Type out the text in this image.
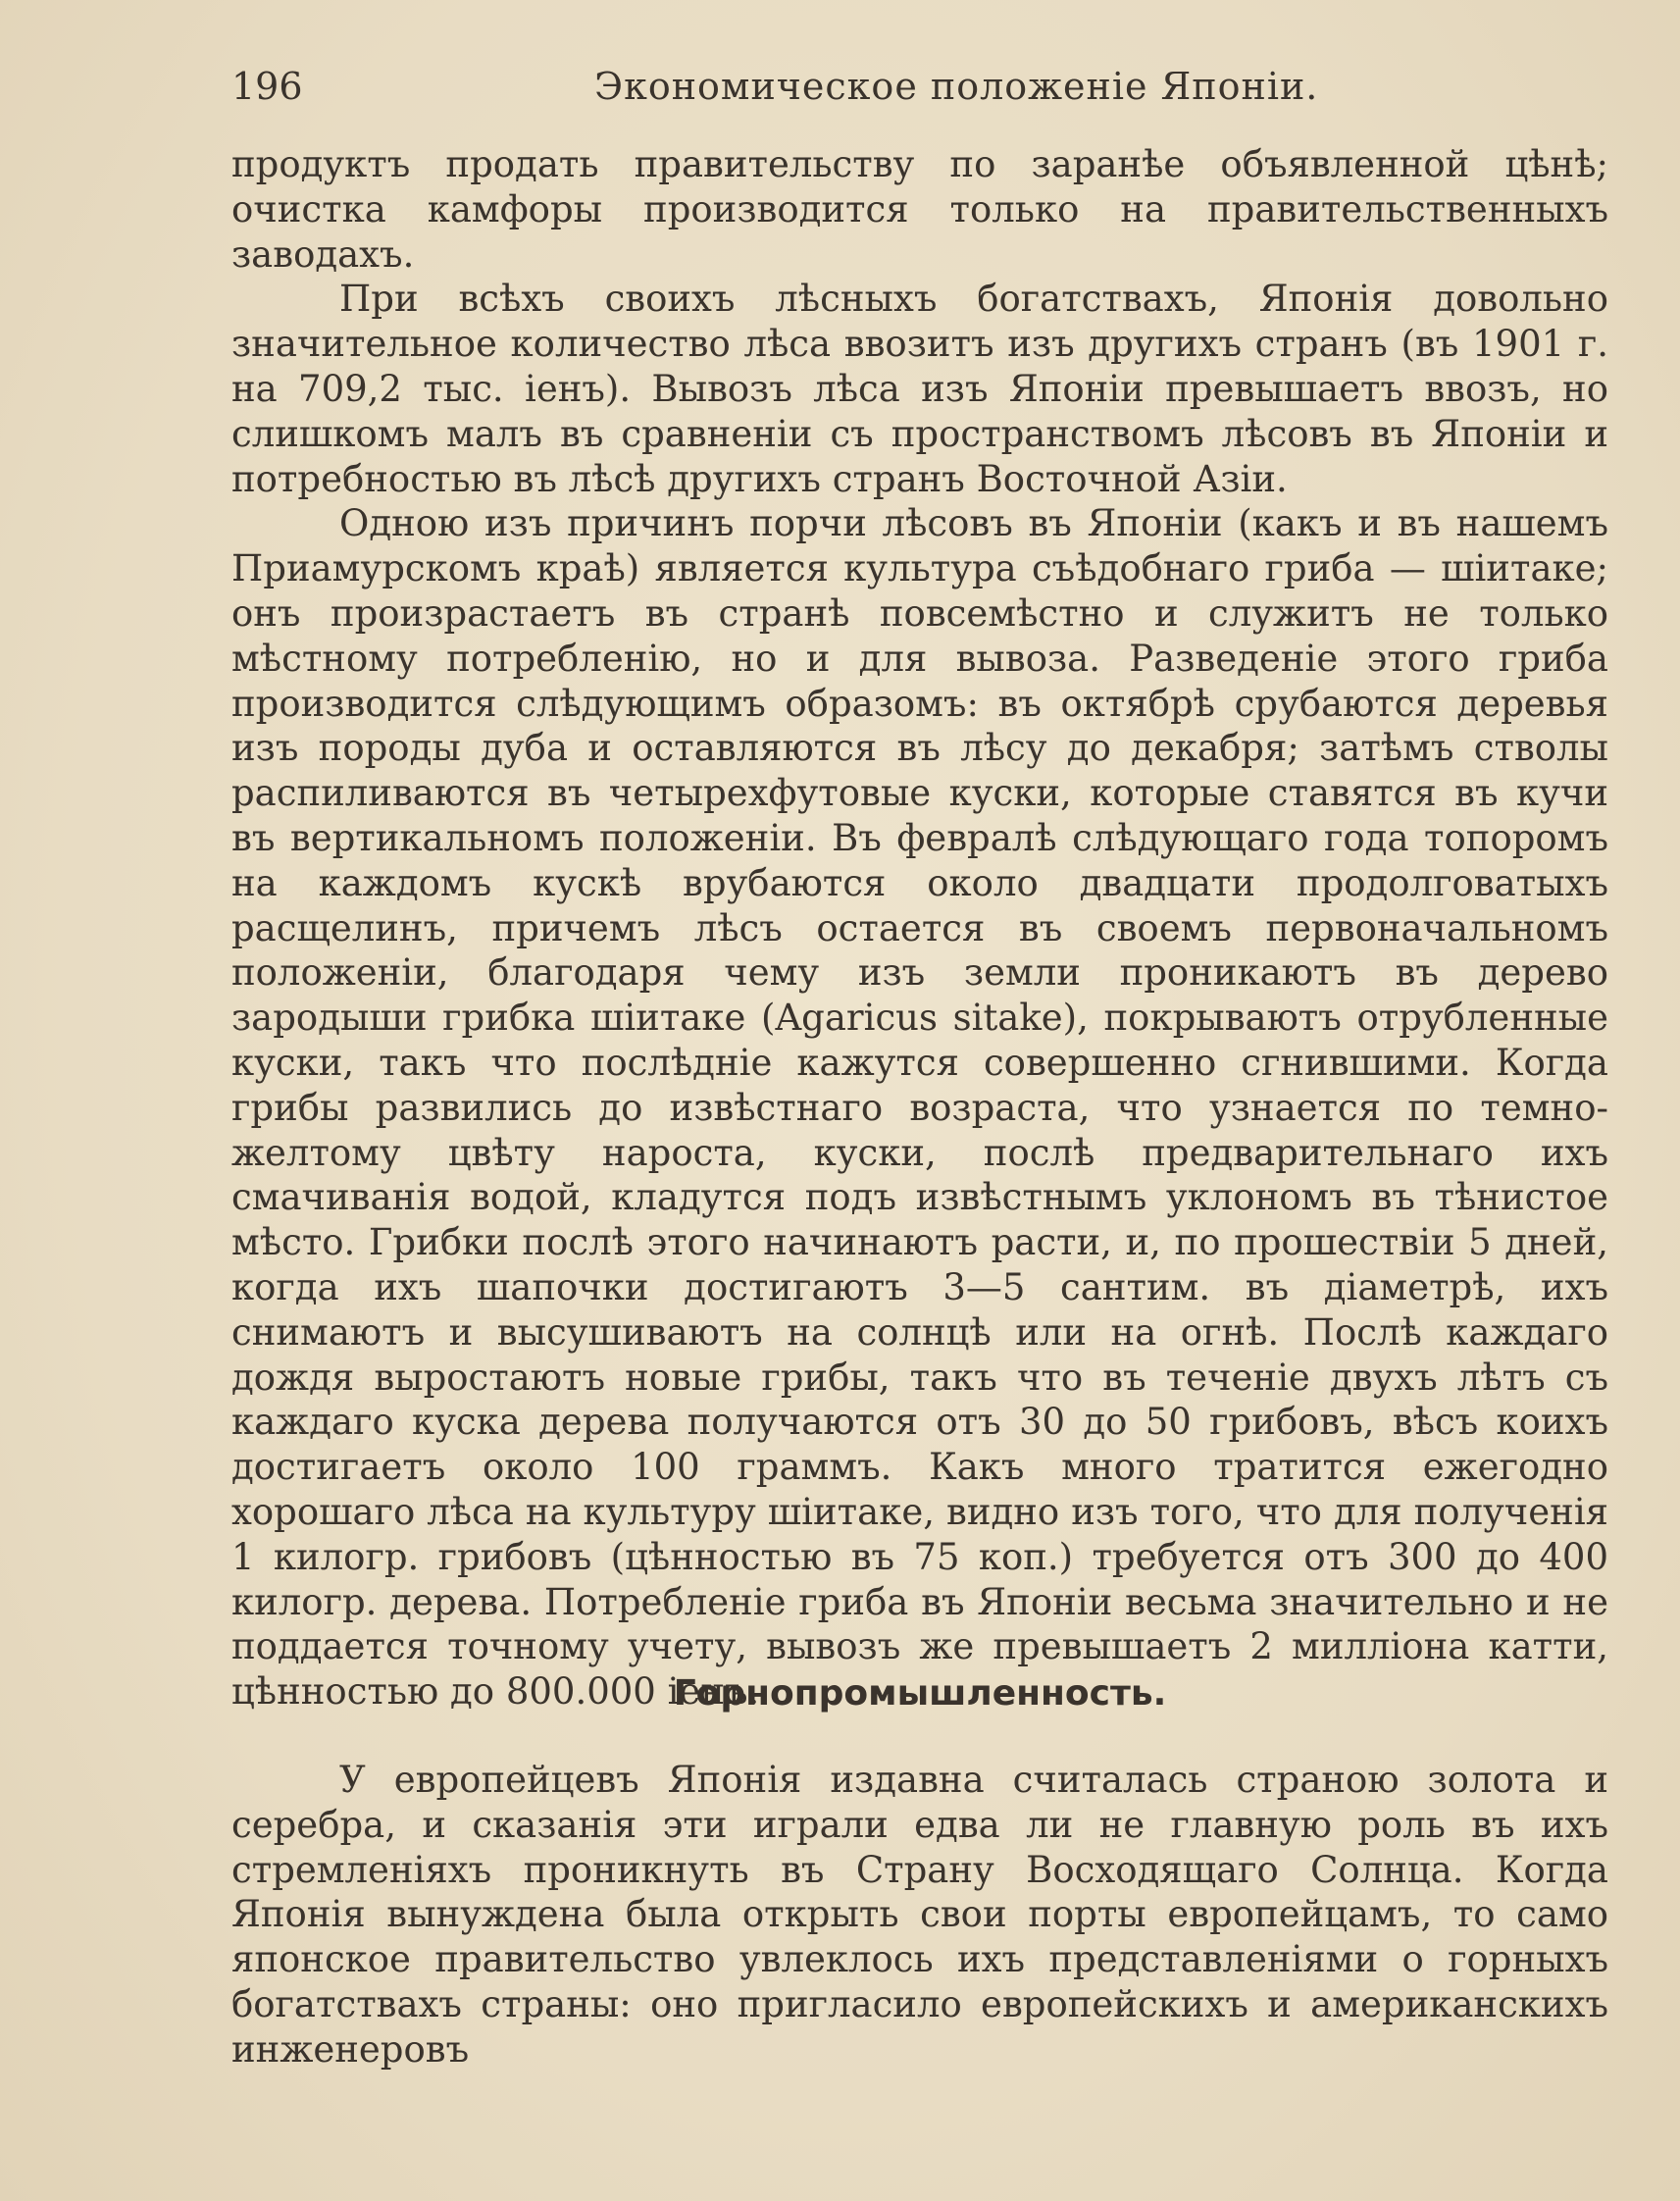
196	Экономическое положеніе Японіи.

продуктъ продать правительству по заранѣе объявленной цѣнѣ; очистка камфоры производится только на правительственныхъ заводахъ.

При всѣхъ своихъ лѣсныхъ богатствахъ, Японія довольно значительное количество лѣса ввозитъ изъ другихъ странъ (въ 1901 г. на 709,2 тыс. іенъ). Вывозъ лѣса изъ Японіи превышаетъ ввозъ, но слишкомъ малъ въ сравненіи съ пространствомъ лѣсовъ въ Японіи и потребностью въ лѣсѣ другихъ странъ Восточной Азіи.

Одною изъ причинъ порчи лѣсовъ въ Японіи (какъ и въ нашемъ Приамурскомъ краѣ) является культура съѣдобнаго гриба — шіитаке; онъ произрастаетъ въ странѣ повсемѣстно и служитъ не только мѣстному потребленію, но и для вывоза. Разведеніе этого гриба производится слѣдующимъ образомъ: въ октябрѣ срубаются деревья изъ породы дуба и оставляются въ лѣсу до декабря; затѣмъ стволы распиливаются въ четырехфутовые куски, которые ставятся въ кучи въ вертикальномъ положеніи. Въ февралѣ слѣдующаго года топоромъ на каждомъ кускѣ врубаются около двадцати продолговатыхъ расщелинъ, причемъ лѣсъ остается въ своемъ первоначальномъ положеніи, благодаря чему изъ земли проникаютъ въ дерево зародыши грибка шіитаке (Agaricus sitake), покрываютъ отрубленные куски, такъ что послѣдніе кажутся совершенно сгнившими. Когда грибы развились до извѣстнаго возраста, что узнается по темно-желтому цвѣту нароста, куски, послѣ предварительнаго ихъ смачиванія водой, кладутся подъ извѣстнымъ уклономъ въ тѣнистое мѣсто. Грибки послѣ этого начинаютъ расти, и, по прошествіи 5 дней, когда ихъ шапочки достигаютъ 3—5 сантим. въ діаметрѣ, ихъ снимаютъ и высушиваютъ на солнцѣ или на огнѣ. Послѣ каждаго дождя выростаютъ новые грибы, такъ что въ теченіе двухъ лѣтъ съ каждаго куска дерева получаются отъ 30 до 50 грибовъ, вѣсъ коихъ достигаетъ около 100 граммъ. Какъ много тратится ежегодно хорошаго лѣса на культуру шіитаке, видно изъ того, что для полученія 1 килогр. грибовъ (цѣнностью въ 75 коп.) требуется отъ 300 до 400 килогр. дерева. Потребленіе гриба въ Японіи весьма значительно и не поддается точному учету, вывозъ же превышаетъ 2 милліона катти, цѣнностью до 800.000 іенъ.

Горнопромышленность.

У европейцевъ Японія издавна считалась страною золота и серебра, и сказанія эти играли едва ли не главную роль въ ихъ стремленіяхъ проникнуть въ Страну Восходящаго Солнца. Когда Японія вынуждена была открыть свои порты европейцамъ, то само японское правительство увлеклось ихъ представленіями о горныхъ богатствахъ страны: оно пригласило европейскихъ и американскихъ инженеровъ
